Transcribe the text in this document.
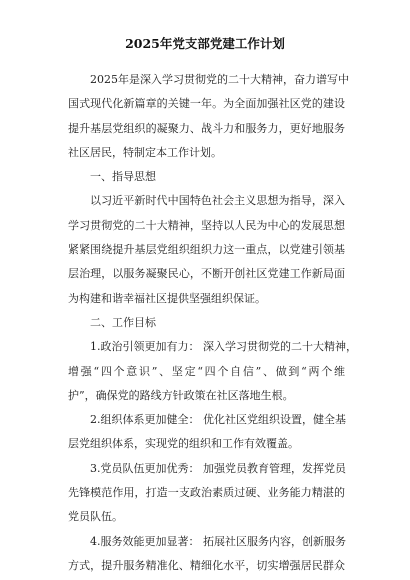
2025年党支部党建工作计划
2025年是深入学习贯彻党的二十大精神，奋力谱写中
国式现代化新篇章的关键一年。为全面加强社区党的建设
提升基层党组织的凝聚力、战斗力和服务力，更好地服务
社区居民，特制定本工作计划。
一、指导思想
以习近平新时代中国特色社会主义思想为指导，深入
学习贯彻党的二十大精神，坚持以人民为中心的发展思想
紧紧围绕提升基层党组织组织力这一重点，以党建引领基
层治理，以服务凝聚民心，不断开创社区党建工作新局面
为构建和谐幸福社区提供坚强组织保证。
二、工作目标
1.政治引领更加有力： 深入学习贯彻党的二十大精神，
增强“四个意识”、坚定“四个自信”、做到“两个维
护”，确保党的路线方针政策在社区落地生根。
2.组织体系更加健全： 优化社区党组织设置，健全基
层党组织体系，实现党的组织和工作有效覆盖。
3.党员队伍更加优秀： 加强党员教育管理，发挥党员
先锋模范作用，打造一支政治素质过硬、业务能力精湛的
党员队伍。
4.服务效能更加显著： 拓展社区服务内容，创新服务
方式，提升服务精准化、精细化水平，切实增强居民群众
